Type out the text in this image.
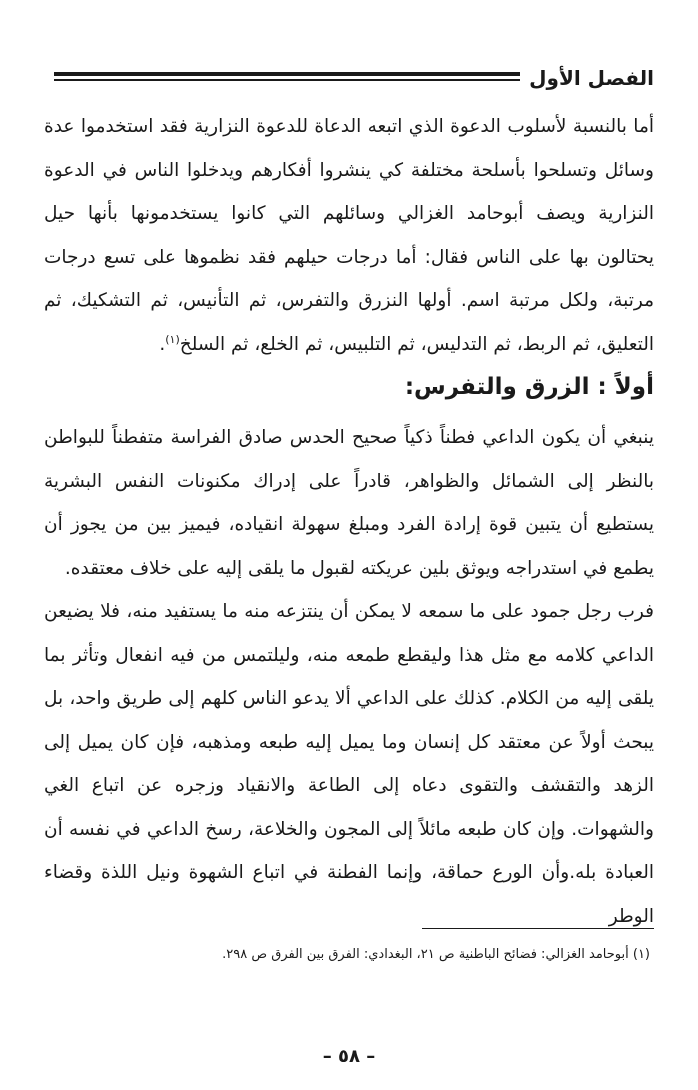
الفصل الأول

أما بالنسبة لأسلوب الدعوة الذي اتبعه الدعاة للدعوة النزارية فقد استخدموا عدة وسائل وتسلحوا بأسلحة مختلفة كي ينشروا أفكارهم ويدخلوا الناس في الدعوة النزارية ويصف أبوحامد الغزالي وسائلهم التي كانوا يستخدمونها بأنها حيل يحتالون بها على الناس فقال: أما درجات حيلهم فقد نظموها على تسع درجات مرتبة، ولكل مرتبة اسم. أولها النزرق والتفرس، ثم التأنيس، ثم التشكيك، ثم التعليق، ثم الربط، ثم التدليس، ثم التلبيس، ثم الخلع، ثم السلخ$^{(١)}$.

أولاً : الزرق والتفرس:

ينبغي أن يكون الداعي فطناً ذكياً صحيح الحدس صادق الفراسة متفطناً للبواطن بالنظر إلى الشمائل والظواهر، قادراً على إدراك مكنونات النفس البشرية يستطيع أن يتبين قوة إرادة الفرد ومبلغ سهولة انقياده، فيميز بين من يجوز أن يطمع في استدراجه ويوثق بلين عريكته لقبول ما يلقى إليه على خلاف معتقده.

فرب رجل جمود على ما سمعه لا يمكن أن ينتزعه منه ما يستفيد منه، فلا يضيعن الداعي كلامه مع مثل هذا وليقطع طمعه منه، وليلتمس من فيه انفعال وتأثر بما يلقى إليه من الكلام. كذلك على الداعي ألا يدعو الناس كلهم إلى طريق واحد، بل يبحث أولاً عن معتقد كل إنسان وما يميل إليه طبعه ومذهبه، فإن كان يميل إلى الزهد والتقشف والتقوى دعاه إلى الطاعة والانقياد وزجره عن اتباع الغي والشهوات. وإن كان طبعه مائلاً إلى المجون والخلاعة، رسخ الداعي في نفسه أن العبادة بله.وأن الورع حماقة، وإنما الفطنة في اتباع الشهوة ونيل اللذة وقضاء الوطر

(١) أبوحامد الغزالي: فضائح الباطنية ص ٢١، البغدادي: الفرق بين الفرق ص ٢٩٨.
– ٥٨ –
